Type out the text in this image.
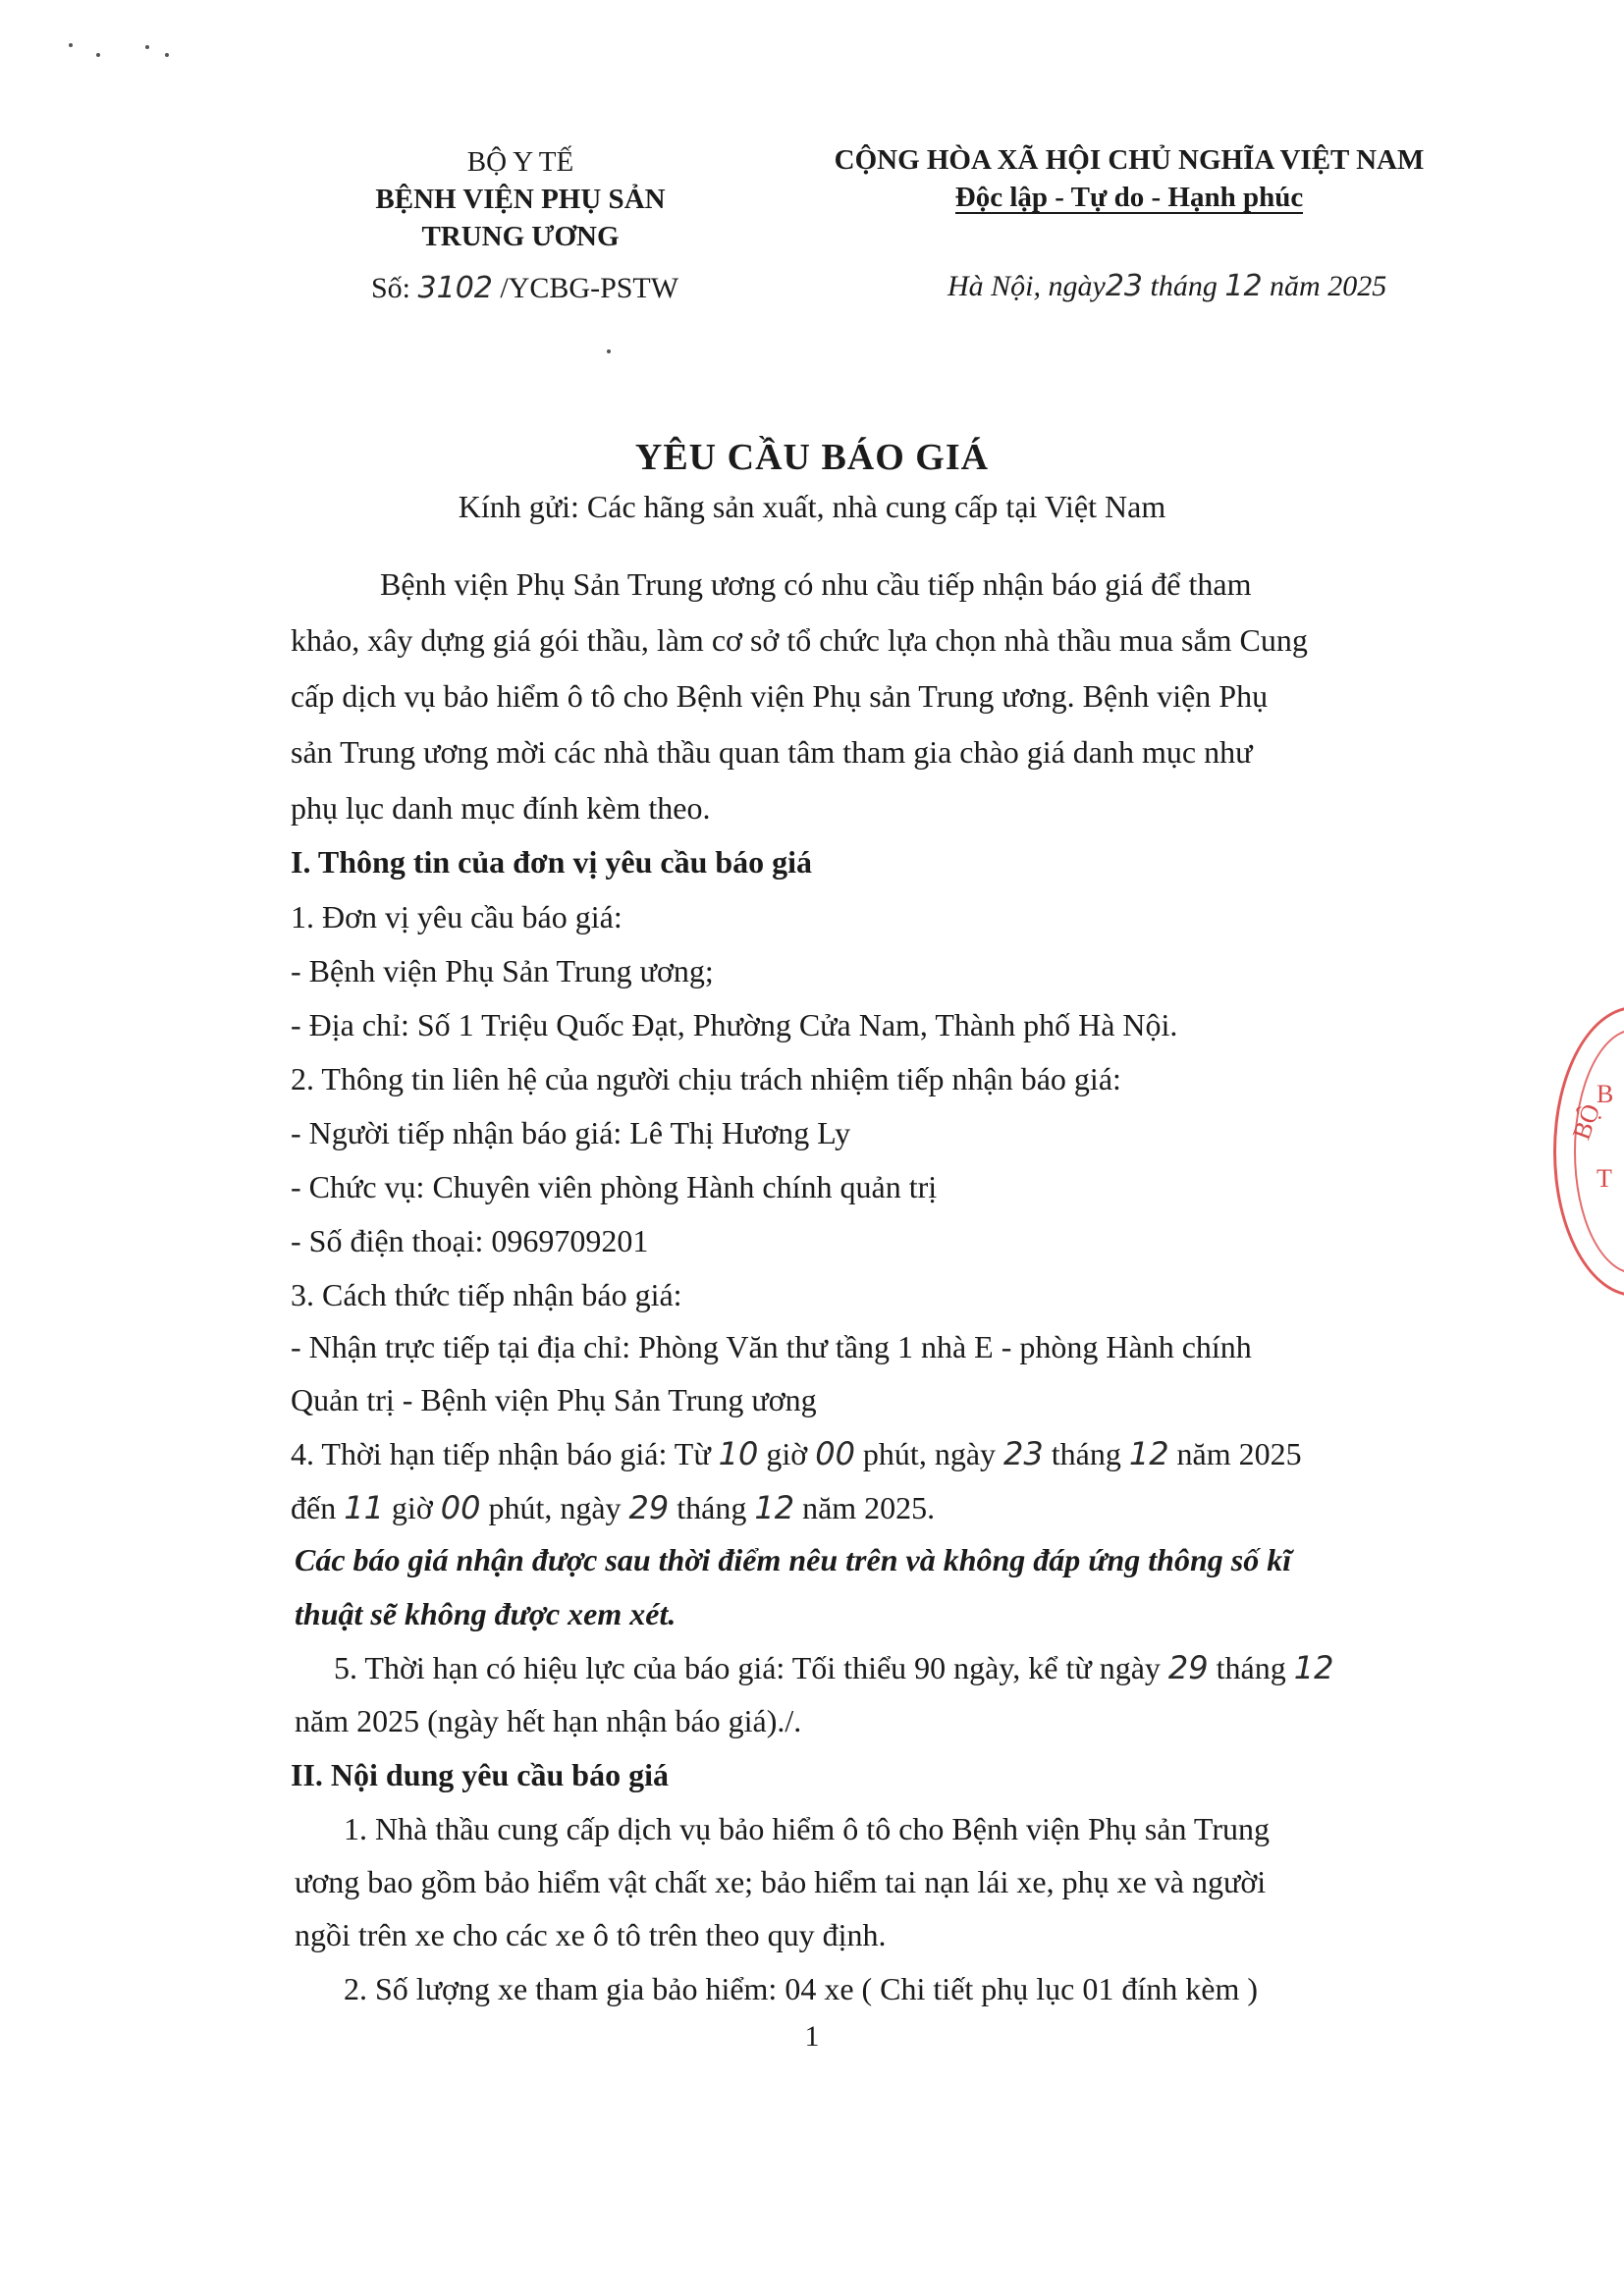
BỘ Y TẾ
BỆNH VIỆN PHỤ SẢN
TRUNG ƯƠNG
Số: 3102 /YCBG-PSTW
CỘNG HÒA XÃ HỘI CHỦ NGHĨA VIỆT NAM
Độc lập - Tự do - Hạnh phúc
Hà Nội, ngày23 tháng 12 năm 2025
YÊU CẦU BÁO GIÁ
Kính gửi: Các hãng sản xuất, nhà cung cấp tại Việt Nam
Bệnh viện Phụ Sản Trung ương có nhu cầu tiếp nhận báo giá để tham
khảo, xây dựng giá gói thầu, làm cơ sở tổ chức lựa chọn nhà thầu mua sắm Cung
cấp dịch vụ bảo hiểm ô tô cho Bệnh viện Phụ sản Trung ương. Bệnh viện Phụ
sản Trung ương mời các nhà thầu quan tâm tham gia chào giá danh mục như
phụ lục danh mục đính kèm theo.
I. Thông tin của đơn vị yêu cầu báo giá
1. Đơn vị yêu cầu báo giá:
- Bệnh viện Phụ Sản Trung ương;
- Địa chỉ: Số 1 Triệu Quốc Đạt, Phường Cửa Nam, Thành phố Hà Nội.
2. Thông tin liên hệ của người chịu trách nhiệm tiếp nhận báo giá:
- Người tiếp nhận báo giá: Lê Thị Hương Ly
- Chức vụ: Chuyên viên phòng Hành chính quản trị
- Số điện thoại: 0969709201
3. Cách thức tiếp nhận báo giá:
- Nhận trực tiếp tại địa chỉ: Phòng Văn thư tầng 1 nhà E - phòng Hành chính
Quản trị - Bệnh viện Phụ Sản Trung ương
4. Thời hạn tiếp nhận báo giá: Từ 10 giờ 00 phút, ngày 23 tháng 12 năm 2025
đến 11 giờ 00 phút, ngày 29 tháng 12 năm 2025.
Các báo giá nhận được sau thời điểm nêu trên và không đáp ứng thông số kĩ
thuật sẽ không được xem xét.
5. Thời hạn có hiệu lực của báo giá: Tối thiểu 90 ngày, kể từ ngày 29 tháng 12
năm 2025 (ngày hết hạn nhận báo giá)./.
II. Nội dung yêu cầu báo giá
1. Nhà thầu cung cấp dịch vụ bảo hiểm ô tô cho Bệnh viện Phụ sản Trung
ương bao gồm bảo hiểm vật chất xe; bảo hiểm tai nạn lái xe, phụ xe và người
ngồi trên xe cho các xe ô tô trên theo quy định.
2. Số lượng xe tham gia bảo hiểm: 04 xe ( Chi tiết phụ lục 01 đính kèm )
1
BỘ
B
T
